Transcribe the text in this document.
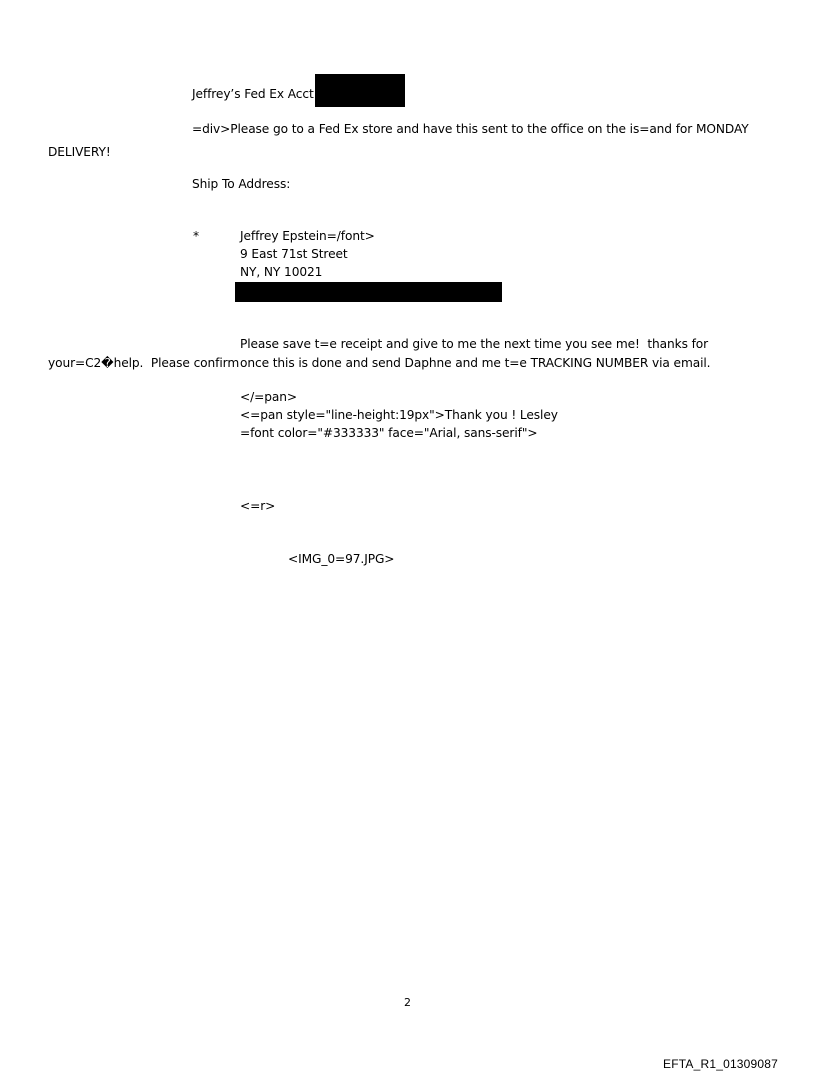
Jeffrey’s Fed Ex Acct
=div>Please go to a Fed Ex store and have this sent to the office on the is=and for MONDAY
DELIVERY!
Ship To Address:
*	Jeffrey Epstein=/font>
9 East 71st Street
NY, NY 10021
Please save t=e receipt and give to me the next time you see me!  thanks for
your=C2�help.  Please confirm once this is done and send Daphne and me t=e TRACKING NUMBER via email.
</=pan>
<=pan style="line-height:19px">Thank you ! Lesley
=font color="#333333" face="Arial, sans-serif">
<=r>
<IMG_0=97.JPG>
2
EFTA_R1_01309087
